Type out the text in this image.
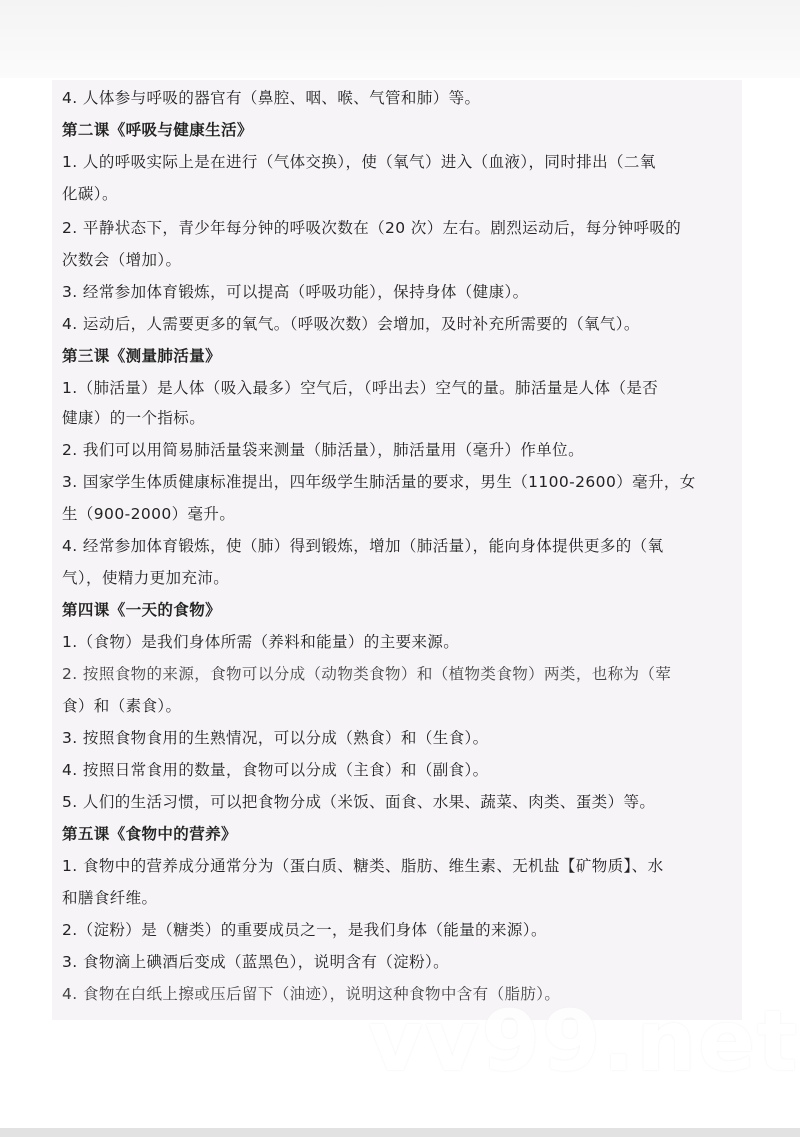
4. 人体参与呼吸的器官有（鼻腔、咽、喉、气管和肺）等。
第二课《呼吸与健康生活》
1. 人的呼吸实际上是在进行（气体交换），使（氧气）进入（血液），同时排出（二氧
化碳）。
2. 平静状态下，青少年每分钟的呼吸次数在（20 次）左右。剧烈运动后，每分钟呼吸的
次数会（增加）。
3. 经常参加体育锻炼，可以提高（呼吸功能），保持身体（健康）。
4. 运动后，人需要更多的氧气。（呼吸次数）会增加，及时补充所需要的（氧气）。
第三课《测量肺活量》
1.（肺活量）是人体（吸入最多）空气后，（呼出去）空气的量。肺活量是人体（是否
健康）的一个指标。
2. 我们可以用简易肺活量袋来测量（肺活量），肺活量用（毫升）作单位。
3. 国家学生体质健康标准提出，四年级学生肺活量的要求，男生（1100-2600）毫升，女
生（900-2000）毫升。
4. 经常参加体育锻炼，使（肺）得到锻炼，增加（肺活量），能向身体提供更多的（氧
气），使精力更加充沛。
第四课《一天的食物》
1.（食物）是我们身体所需（养料和能量）的主要来源。
2. 按照食物的来源，食物可以分成（动物类食物）和（植物类食物）两类，也称为（荤
食）和（素食）。
3. 按照食物食用的生熟情况，可以分成（熟食）和（生食）。
4. 按照日常食用的数量，食物可以分成（主食）和（副食）。
5. 人们的生活习惯，可以把食物分成（米饭、面食、水果、蔬菜、肉类、蛋类）等。
第五课《食物中的营养》
1. 食物中的营养成分通常分为（蛋白质、糖类、脂肪、维生素、无机盐【矿物质】、水
和膳食纤维。
2.（淀粉）是（糖类）的重要成员之一，是我们身体（能量的来源）。
3. 食物滴上碘酒后变成（蓝黑色），说明含有（淀粉）。
4. 食物在白纸上擦或压后留下（油迹），说明这种食物中含有（脂肪）。
vv99.net
